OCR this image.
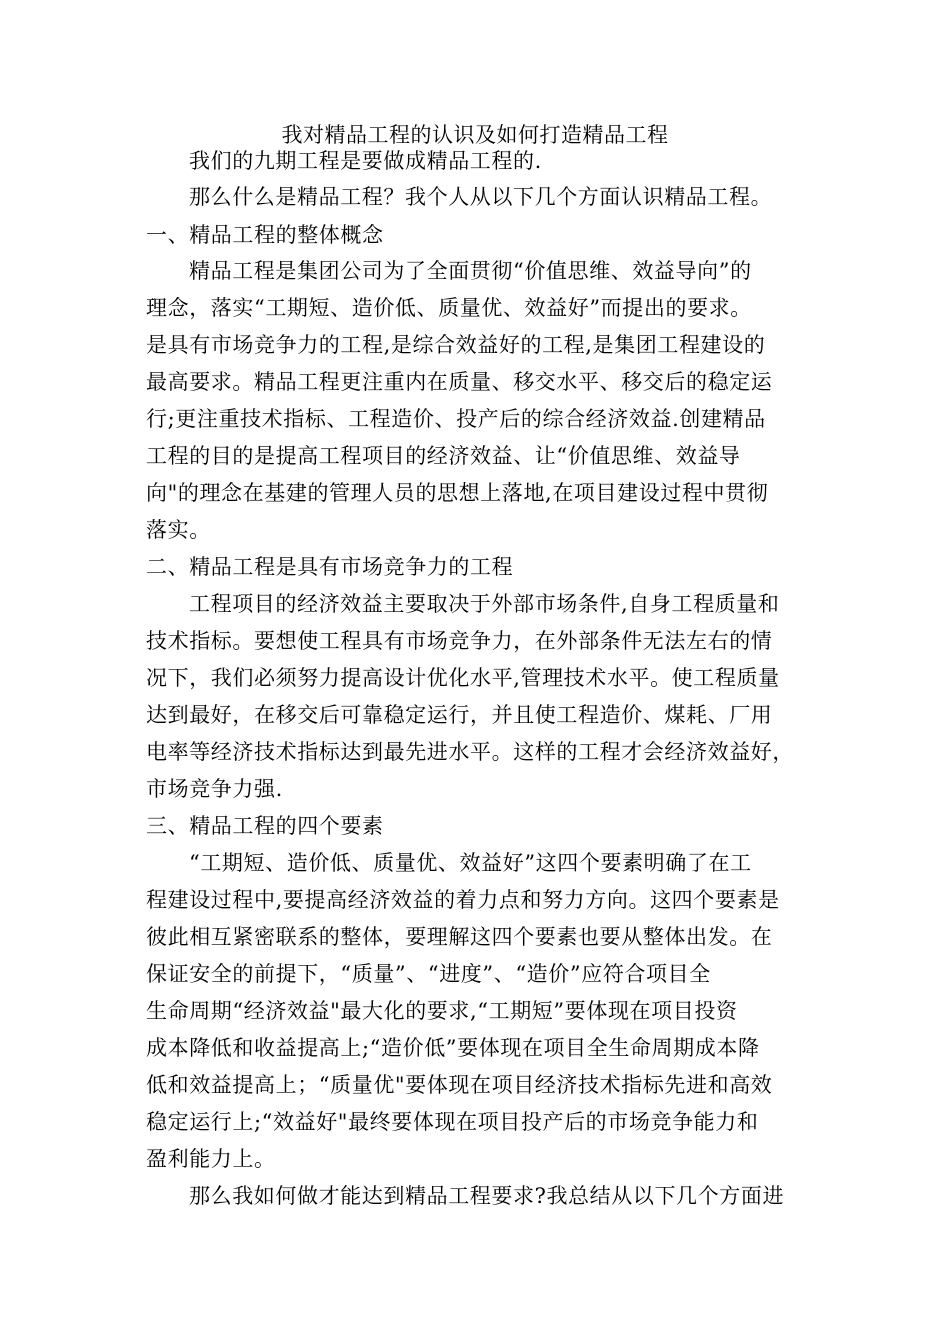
我对精品工程的认识及如何打造精品工程
我们的九期工程是要做成精品工程的.
那么什么是精品工程？我个人从以下几个方面认识精品工程。
一、精品工程的整体概念
精品工程是集团公司为了全面贯彻“价值思维、效益导向”的
理念，落实“工期短、造价低、质量优、效益好”而提出的要求。
是具有市场竞争力的工程,是综合效益好的工程,是集团工程建设的
最高要求。精品工程更注重内在质量、移交水平、移交后的稳定运
行;更注重技术指标、工程造价、投产后的综合经济效益.创建精品
工程的目的是提高工程项目的经济效益、让“价值思维、效益导
向"的理念在基建的管理人员的思想上落地,在项目建设过程中贯彻
落实。
二、精品工程是具有市场竞争力的工程
工程项目的经济效益主要取决于外部市场条件,自身工程质量和
技术指标。要想使工程具有市场竞争力，在外部条件无法左右的情
况下，我们必须努力提高设计优化水平,管理技术水平。使工程质量
达到最好，在移交后可靠稳定运行，并且使工程造价、煤耗、厂用
电率等经济技术指标达到最先进水平。这样的工程才会经济效益好，
市场竞争力强.
三、精品工程的四个要素
“工期短、造价低、质量优、效益好”这四个要素明确了在工
程建设过程中,要提高经济效益的着力点和努力方向。这四个要素是
彼此相互紧密联系的整体，要理解这四个要素也要从整体出发。在
保证安全的前提下，“质量”、“进度”、“造价”应符合项目全
生命周期“经济效益"最大化的要求,“工期短”要体现在项目投资
成本降低和收益提高上;“造价低”要体现在项目全生命周期成本降
低和效益提高上；“质量优"要体现在项目经济技术指标先进和高效
稳定运行上;“效益好"最终要体现在项目投产后的市场竞争能力和
盈利能力上。
那么我如何做才能达到精品工程要求?我总结从以下几个方面进
